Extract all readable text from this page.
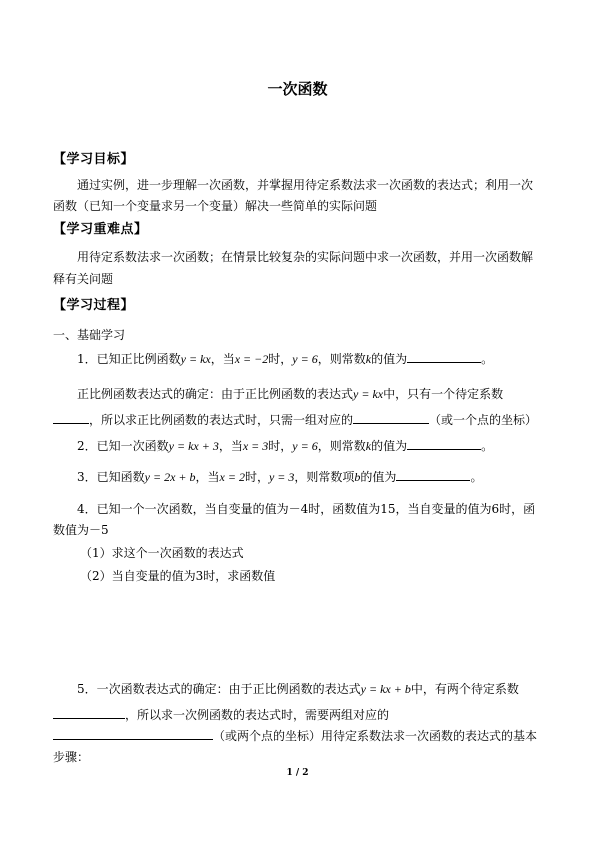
一次函数
【学习目标】
通过实例，进一步理解一次函数，并掌握用待定系数法求一次函数的表达式；利用一次
函数（已知一个变量求另一个变量）解决一些简单的实际问题
【学习重难点】
用待定系数法求一次函数；在情景比较复杂的实际问题中求一次函数，并用一次函数解
释有关问题
【学习过程】
一、基础学习
1．已知正比例函数y = kx，当x = −2时，y = 6，则常数k的值为	。
正比例函数表达式的确定：由于正比例函数的表达式y = kx中，只有一个待定系数
，所以求正比例函数的表达式时，只需一组对应的	（或一个点的坐标）
2．已知一次函数y = kx + 3，当x = 3时，y = 6，则常数k的值为	。
3．已知函数y = 2x + b，当x = 2时，y = 3，则常数项b的值为	。
4．已知一个一次函数，当自变量的值为－4时，函数值为15，当自变量的值为6时，函
数值为－5
（1）求这个一次函数的表达式
（2）当自变量的值为3时，求函数值
5．一次函数表达式的确定：由于正比例函数的表达式y = kx + b中，有两个待定系数
，所以求一次例函数的表达式时，需要两组对应的
（或两个点的坐标）用待定系数法求一次函数的表达式的基本
步骤：
1 / 2
